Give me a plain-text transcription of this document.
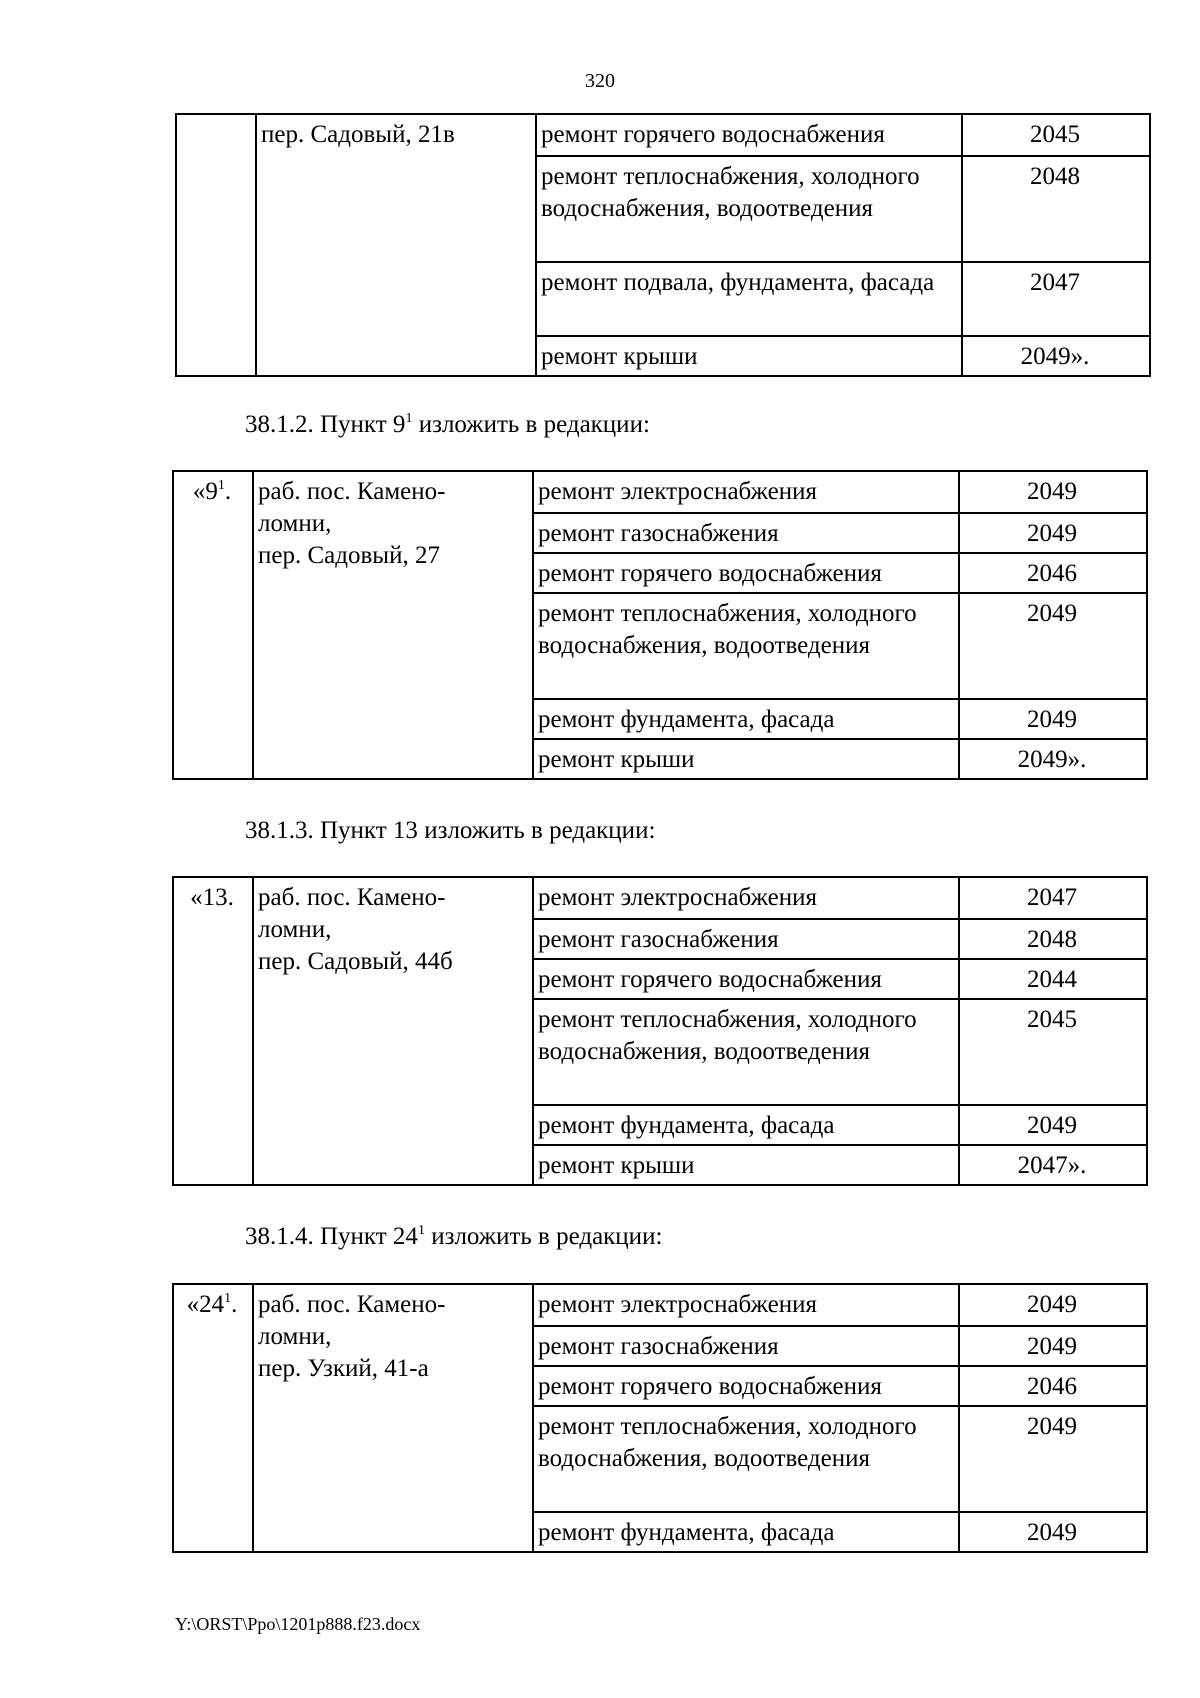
320
	пер. Садовый, 21в	ремонт горячего водоснабжения	2045
		ремонт теплоснабжения, холодного водоснабжения, водоотведения	2048
		ремонт подвала, фундамента, фасада	2047
		ремонт крыши	2049».
38.1.2. Пункт $9^1$ изложить в редакции:
«$9^1$.	раб. пос. Камено-
ломни,
пер. Садовый, 27	ремонт электроснабжения	2049
		ремонт газоснабжения	2049
		ремонт горячего водоснабжения	2046
		ремонт теплоснабжения, холодного водоснабжения, водоотведения	2049
		ремонт фундамента, фасада	2049
		ремонт крыши	2049».
38.1.3. Пункт 13 изложить в редакции:
«13.	раб. пос. Камено-
ломни,
пер. Садовый, 44б	ремонт электроснабжения	2047
		ремонт газоснабжения	2048
		ремонт горячего водоснабжения	2044
		ремонт теплоснабжения, холодного водоснабжения, водоотведения	2045
		ремонт фундамента, фасада	2049
		ремонт крыши	2047».
38.1.4. Пункт $24^1$ изложить в редакции:
«$24^1$.	раб. пос. Камено-
ломни,
пер. Узкий, 41-а	ремонт электроснабжения	2049
		ремонт газоснабжения	2049
		ремонт горячего водоснабжения	2046
		ремонт теплоснабжения, холодного водоснабжения, водоотведения	2049
		ремонт фундамента, фасада	2049
Y:\ORST\Ppo\1201p888.f23.docx
